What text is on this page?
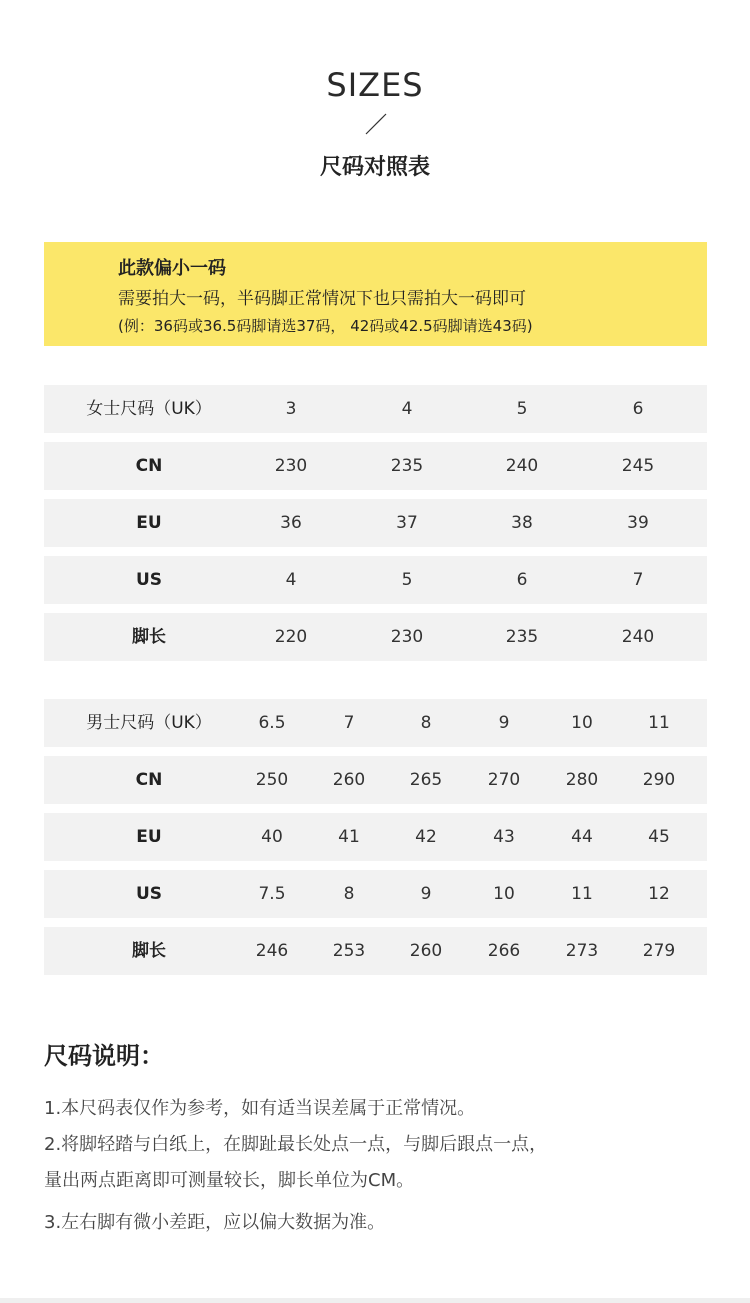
SIZES
尺码对照表
此款偏小一码
需要拍大一码，半码脚正常情况下也只需拍大一码即可
(例：36码或36.5码脚请选37码， 42码或42.5码脚请选43码)
女士尺码（UK）	3	4	5	6
CN	230	235	240	245
EU	36	37	38	39
US	4	5	6	7
脚长	220	230	235	240
男士尺码（UK）	6.5	7	8	9	10	11
CN	250	260	265	270	280	290
EU	40	41	42	43	44	45
US	7.5	8	9	10	11	12
脚长	246	253	260	266	273	279
尺码说明：
1.本尺码表仅作为参考，如有适当误差属于正常情况。
2.将脚轻踏与白纸上，在脚趾最长处点一点，与脚后跟点一点，
量出两点距离即可测量较长，脚长单位为CM。
3.左右脚有微小差距，应以偏大数据为准。
